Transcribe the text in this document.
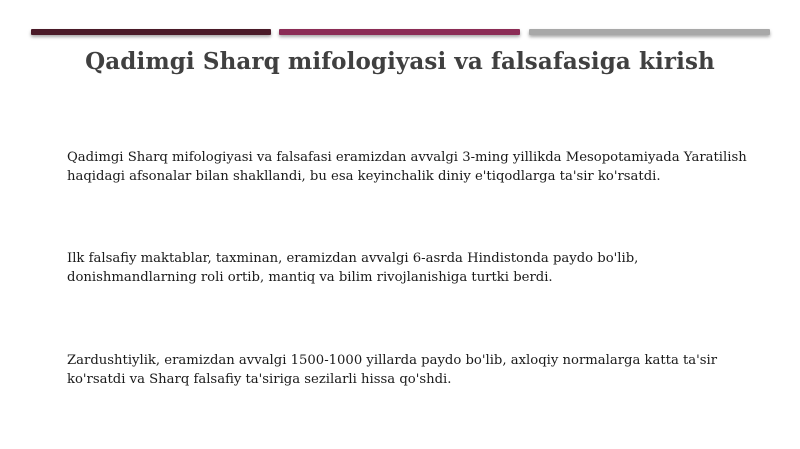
Qadimgi Sharq mifologiyasi va falsafasiga kirish

Qadimgi Sharq mifologiyasi va falsafasi eramizdan avvalgi 3-ming yillikda Mesopotamiyada Yaratilish haqidagi afsonalar bilan shakllandi, bu esa keyinchalik diniy e'tiqodlarga ta'sir ko'rsatdi.

Ilk falsafiy maktablar, taxminan, eramizdan avvalgi 6-asrda Hindistonda paydo bo'lib, donishmandlarning roli ortib, mantiq va bilim rivojlanishiga turtki berdi.

Zardushtiylik, eramizdan avvalgi 1500-1000 yillarda paydo bo'lib, axloqiy normalarga katta ta'sir ko'rsatdi va Sharq falsafiy ta'siriga sezilarli hissa qo'shdi.
